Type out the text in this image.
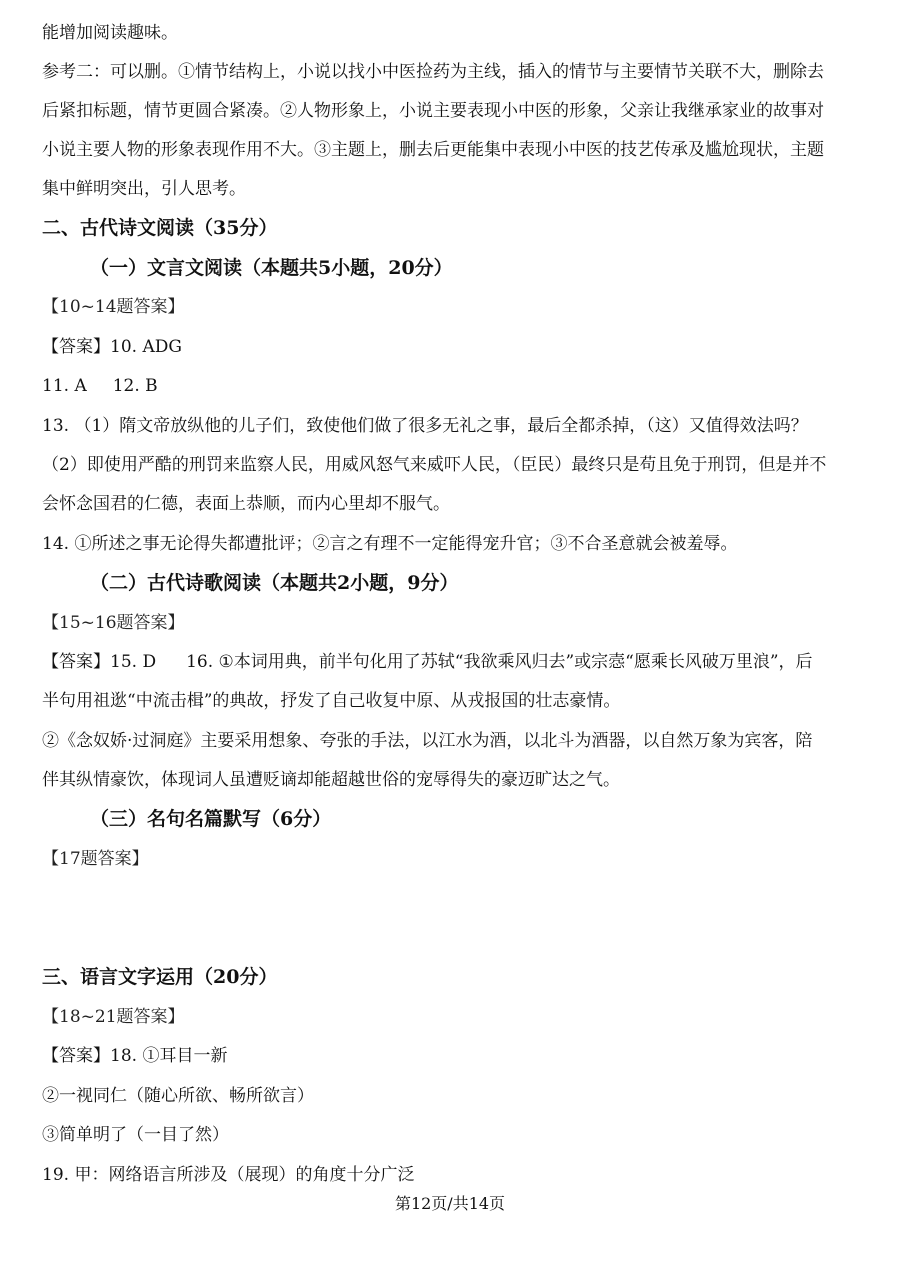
能增加阅读趣味。
参考二：可以删。①情节结构上，小说以找小中医捡药为主线，插入的情节与主要情节关联不大，删除去
后紧扣标题，情节更圆合紧凑。②人物形象上，小说主要表现小中医的形象，父亲让我继承家业的故事对
小说主要人物的形象表现作用不大。③主题上，删去后更能集中表现小中医的技艺传承及尴尬现状，主题
集中鲜明突出，引人思考。
二、古代诗文阅读（35分）
（一）文言文阅读（本题共5小题，20分）
【10~14题答案】
【答案】10. ADG
11. A 12. B
13. （1）隋文帝放纵他的儿子们，致使他们做了很多无礼之事，最后全都杀掉，（这）又值得效法吗？
（2）即使用严酷的刑罚来监察人民，用威风怒气来威吓人民，（臣民）最终只是苟且免于刑罚，但是并不
会怀念国君的仁德，表面上恭顺，而内心里却不服气。
14. ①所述之事无论得失都遭批评；②言之有理不一定能得宠升官；③不合圣意就会被羞辱。
（二）古代诗歌阅读（本题共2小题，9分）
【15~16题答案】
【答案】15. D 16. ①本词用典，前半句化用了苏轼“我欲乘风归去”或宗悫“愿乘长风破万里浪”，后
半句用祖逖“中流击楫”的典故，抒发了自己收复中原、从戎报国的壮志豪情。
②《念奴娇·过洞庭》主要采用想象、夸张的手法，以江水为酒，以北斗为酒器，以自然万象为宾客，陪
伴其纵情豪饮，体现词人虽遭贬谪却能超越世俗的宠辱得失的豪迈旷达之气。
（三）名句名篇默写（6分）
【17题答案】
三、语言文字运用（20分）
【18~21题答案】
【答案】18. ①耳目一新
②一视同仁（随心所欲、畅所欲言）
③简单明了（一目了然）
19. 甲：网络语言所涉及（展现）的角度十分广泛
第12页/共14页
